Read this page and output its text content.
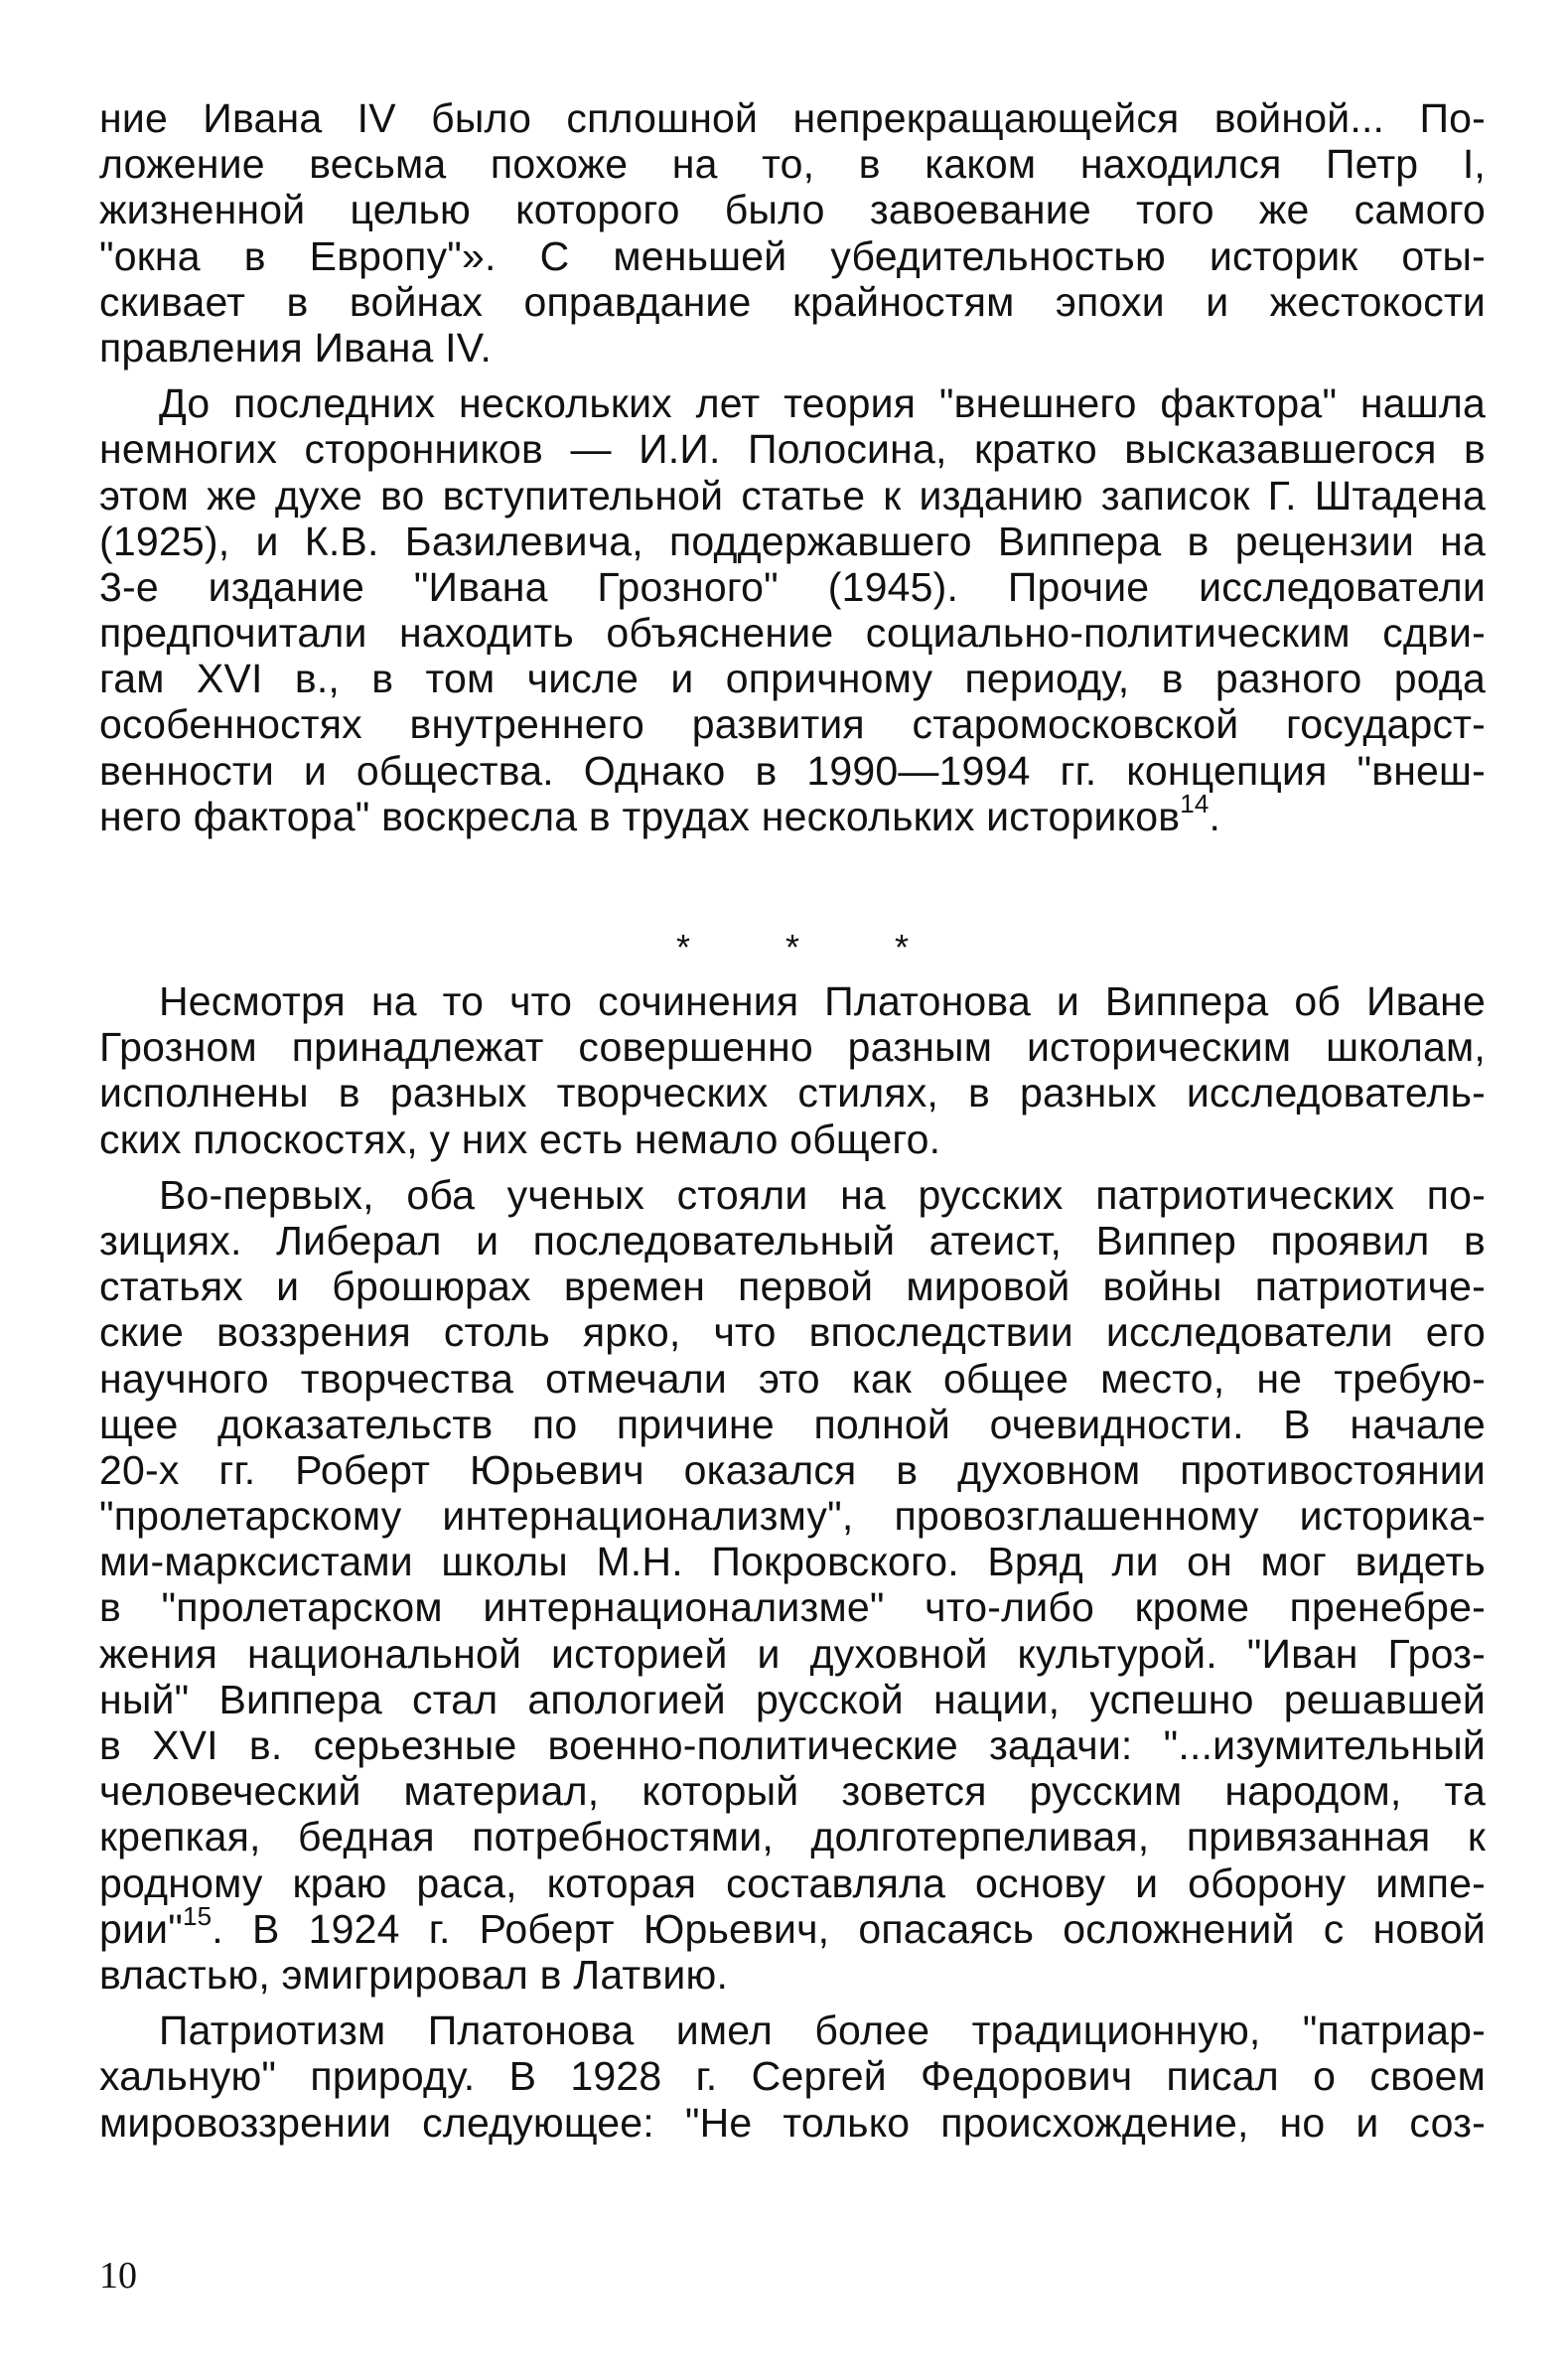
ние Ивана IV было сплошной непрекращающейся войной... По-
ложение весьма похоже на то, в каком находился Петр I,
жизненной целью которого было завоевание того же самого
"окна в Европу"». С меньшей убедительностью историк оты-
скивает в войнах оправдание крайностям эпохи и жестокости
правления Ивана IV.
До последних нескольких лет теория "внешнего фактора" нашла
немногих сторонников — И.И. Полосина, кратко высказавшегося в
этом же духе во вступительной статье к изданию записок Г. Штадена
(1925), и К.В. Базилевича, поддержавшего Виппера в рецензии на
3-е издание "Ивана Грозного" (1945). Прочие исследователи
предпочитали находить объяснение социально-политическим сдви-
гам XVI в., в том числе и опричному периоду, в разного рода
особенностях внутреннего развития старомосковской государст-
венности и общества. Однако в 1990—1994 гг. концепция "внеш-
него фактора" воскресла в трудах нескольких историков$^{14}$.
Несмотря на то что сочинения Платонова и Виппера об Иване
Грозном принадлежат совершенно разным историческим школам,
исполнены в разных творческих стилях, в разных исследователь-
ских плоскостях, у них есть немало общего.
Во-первых, оба ученых стояли на русских патриотических по-
зициях. Либерал и последовательный атеист, Виппер проявил в
статьях и брошюрах времен первой мировой войны патриотиче-
ские воззрения столь ярко, что впоследствии исследователи его
научного творчества отмечали это как общее место, не требую-
щее доказательств по причине полной очевидности. В начале
20-х гг. Роберт Юрьевич оказался в духовном противостоянии
"пролетарскому интернационализму", провозглашенному историка-
ми-марксистами школы М.Н. Покровского. Вряд ли он мог видеть
в "пролетарском интернационализме" что-либо кроме пренебре-
жения национальной историей и духовной культурой. "Иван Гроз-
ный" Виппера стал апологией русской нации, успешно решавшей
в XVI в. серьезные военно-политические задачи: "...изумительный
человеческий материал, который зовется русским народом, та
крепкая, бедная потребностями, долготерпеливая, привязанная к
родному краю раса, которая составляла основу и оборону импе-
рии"$^{15}$. В 1924 г. Роберт Юрьевич, опасаясь осложнений с новой
властью, эмигрировал в Латвию.
Патриотизм Платонова имел более традиционную, "патриар-
хальную" природу. В 1928 г. Сергей Федорович писал о своем
мировоззрении следующее: "Не только происхождение, но и соз-
*	*	*
10
